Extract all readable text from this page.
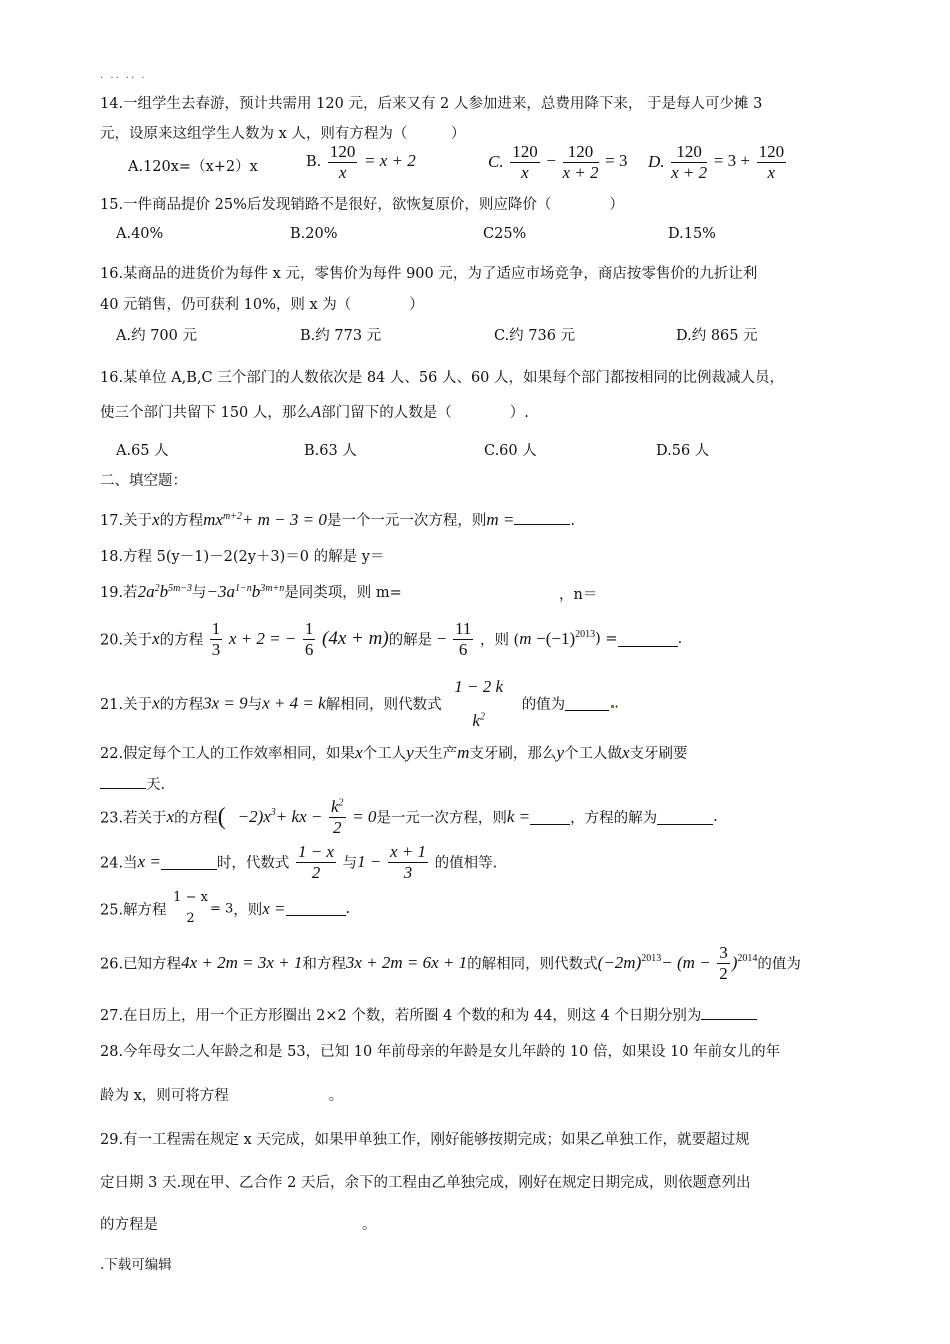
. .. .. .
14.一组学生去春游，预计共需用 120 元，后来又有 2 人参加进来，总费用降下来， 于是每人可少摊 3
元，设原来这组学生人数为 x 人，则有方程为（　　　）
A.120x=（x+2）x	B. $\frac{120}{x} = x + 2$	C. $\frac{120}{x} - \frac{120}{x + 2} = 3$ D. $\frac{120}{x + 2} = 3 + \frac{120}{x}$
15.一件商品提价 25%后发现销路不是很好，欲恢复原价，则应降价（　　　　）
A.40%	B.20%	C25%	D.15%
16.某商品的进货价为每件 x 元，零售价为每件 900 元，为了适应市场竞争，商店按零售价的九折让利
40 元销售，仍可获利 10%，则 x 为（　　　　）
A.约 700 元	B.约 773 元	C.约 736 元	D.约 865 元
16.某单位 A,B,C 三个部门的人数依次是 84 人、56 人、60 人，如果每个部门都按相同的比例裁减人员，
使三个部门共留下 150 人，那么A部门留下的人数是（　　　　）.
A.65 人	B.63 人	C.60 人	D.56 人
二、填空题：
17.关于x的方程$mx^{m+2}+ m - 3 = 0$是一个一元一次方程，则m =	.
18.方程 5(y－1)－2(2y＋3)＝0 的解是 y＝
19.若$2a^2b^{5m-3}$与$-3a^{1-n}b^{3m+n}$是同类项，则 m=	，n＝
20.关于x的方程 $\frac{1}{3}$ x + 2 = − $\frac{1}{6} (4x + m)$的解是 − $\frac{11}{6}$ ，则 $(m -(-1)^{2013})$ =	.
21.关于x的方程3x = 9与x + 4 = k解相同，则代数式
1 − 2 k
$k^2$
的值为	.
22.假定每个工人的工作效率相同，如果x个工人y天生产m支牙刷，那么y个工人做x支牙刷要
天.
23.若关于x的方程( $-2)x^3+$ kx − $\frac{k^2}{2} = 0$是一元一次方程，则k =	，方程的解为	.
24.当x =	时，代数式 $\frac{1 - x}{2}$ 与$1 - \frac{x + 1}{3}$ 的值相等.
25.解方程
1 − x
2
= 3，则x =	.
26.已知方程4x + 2m = 3x + 1和方程3x + 2m = 6x + 1的解相同，则代数式$(-2m)^{2013}- (m - \frac{3}{2} )^{2014}$的值为
27.在日历上，用一个正方形圈出 2×2 个数，若所圈 4 个数的和为 44，则这 4 个日期分别为
28.今年母女二人年龄之和是 53，已知 10 年前母亲的年龄是女儿年龄的 10 倍，如果设 10 年前女儿的年
龄为 x，则可将方程	。
29.有一工程需在规定 x 天完成，如果甲单独工作，刚好能够按期完成；如果乙单独工作，就要超过规
定日期 3 天.现在甲、乙合作 2 天后，余下的工程由乙单独完成，刚好在规定日期完成，则依题意列出
的方程是	。
.下载可编辑
